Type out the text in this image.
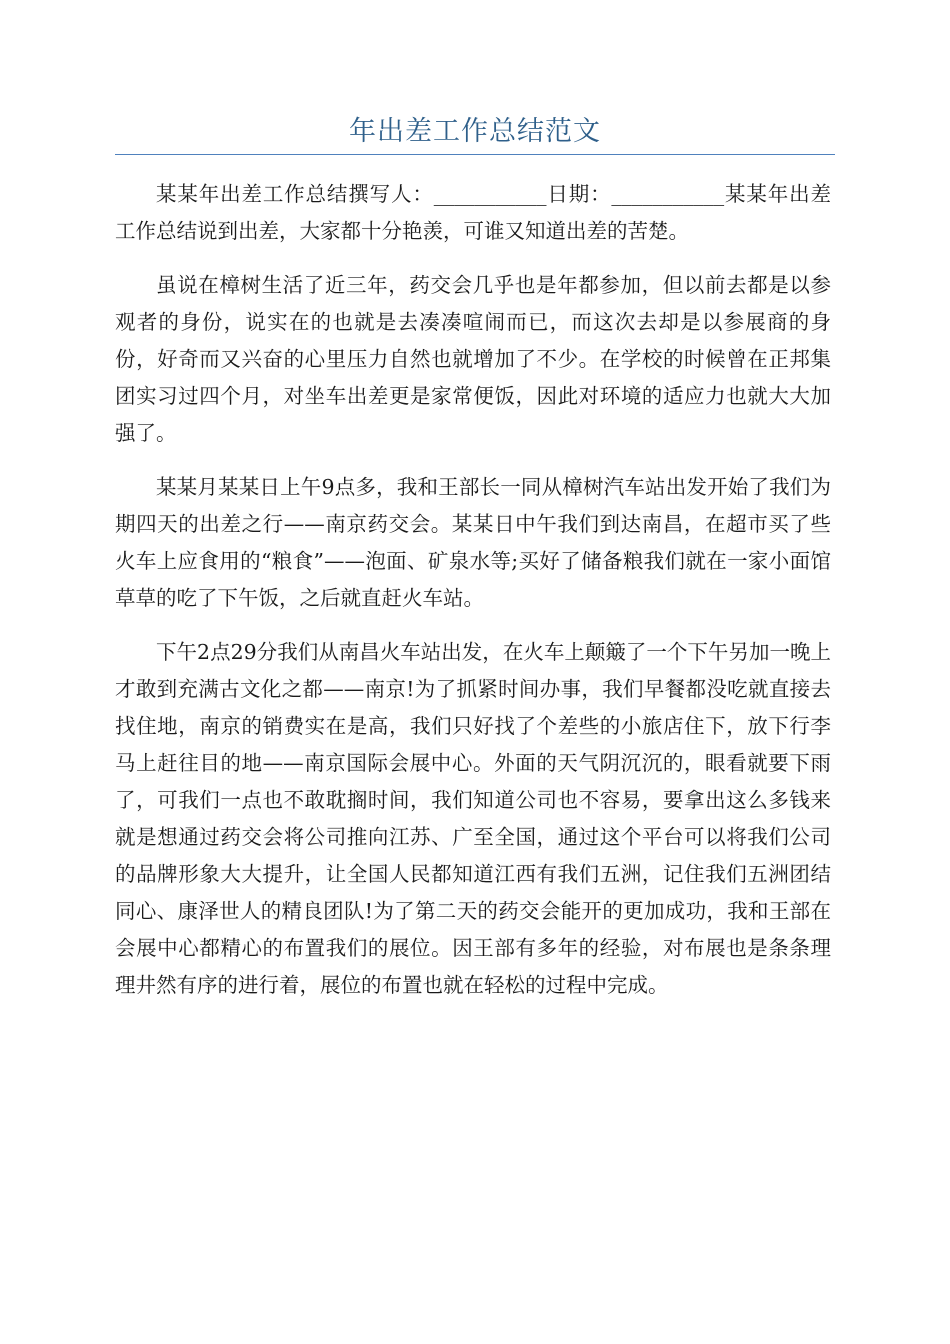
年出差工作总结范文

某某年出差工作总结撰写人：___________日期：___________某某年出差工作总结说到出差，大家都十分艳羡，可谁又知道出差的苦楚。

虽说在樟树生活了近三年，药交会几乎也是年都参加，但以前去都是以参观者的身份，说实在的也就是去凑凑喧闹而已，而这次去却是以参展商的身份，好奇而又兴奋的心里压力自然也就增加了不少。在学校的时候曾在正邦集团实习过四个月，对坐车出差更是家常便饭，因此对环境的适应力也就大大加强了。

某某月某某日上午9点多，我和王部长一同从樟树汽车站出发开始了我们为期四天的出差之行——南京药交会。某某日中午我们到达南昌，在超市买了些火车上应食用的“粮食”——泡面、矿泉水等;买好了储备粮我们就在一家小面馆草草的吃了下午饭，之后就直赶火车站。

下午2点29分我们从南昌火车站出发，在火车上颠簸了一个下午另加一晚上才敢到充满古文化之都——南京!为了抓紧时间办事，我们早餐都没吃就直接去找住地，南京的销费实在是高，我们只好找了个差些的小旅店住下，放下行李马上赶往目的地——南京国际会展中心。外面的天气阴沉沉的，眼看就要下雨了，可我们一点也不敢耽搁时间，我们知道公司也不容易，要拿出这么多钱来就是想通过药交会将公司推向江苏、广至全国，通过这个平台可以将我们公司的品牌形象大大提升，让全国人民都知道江西有我们五洲，记住我们五洲团结同心、康泽世人的精良团队!为了第二天的药交会能开的更加成功，我和王部在会展中心都精心的布置我们的展位。因王部有多年的经验，对布展也是条条理理井然有序的进行着，展位的布置也就在轻松的过程中完成。
